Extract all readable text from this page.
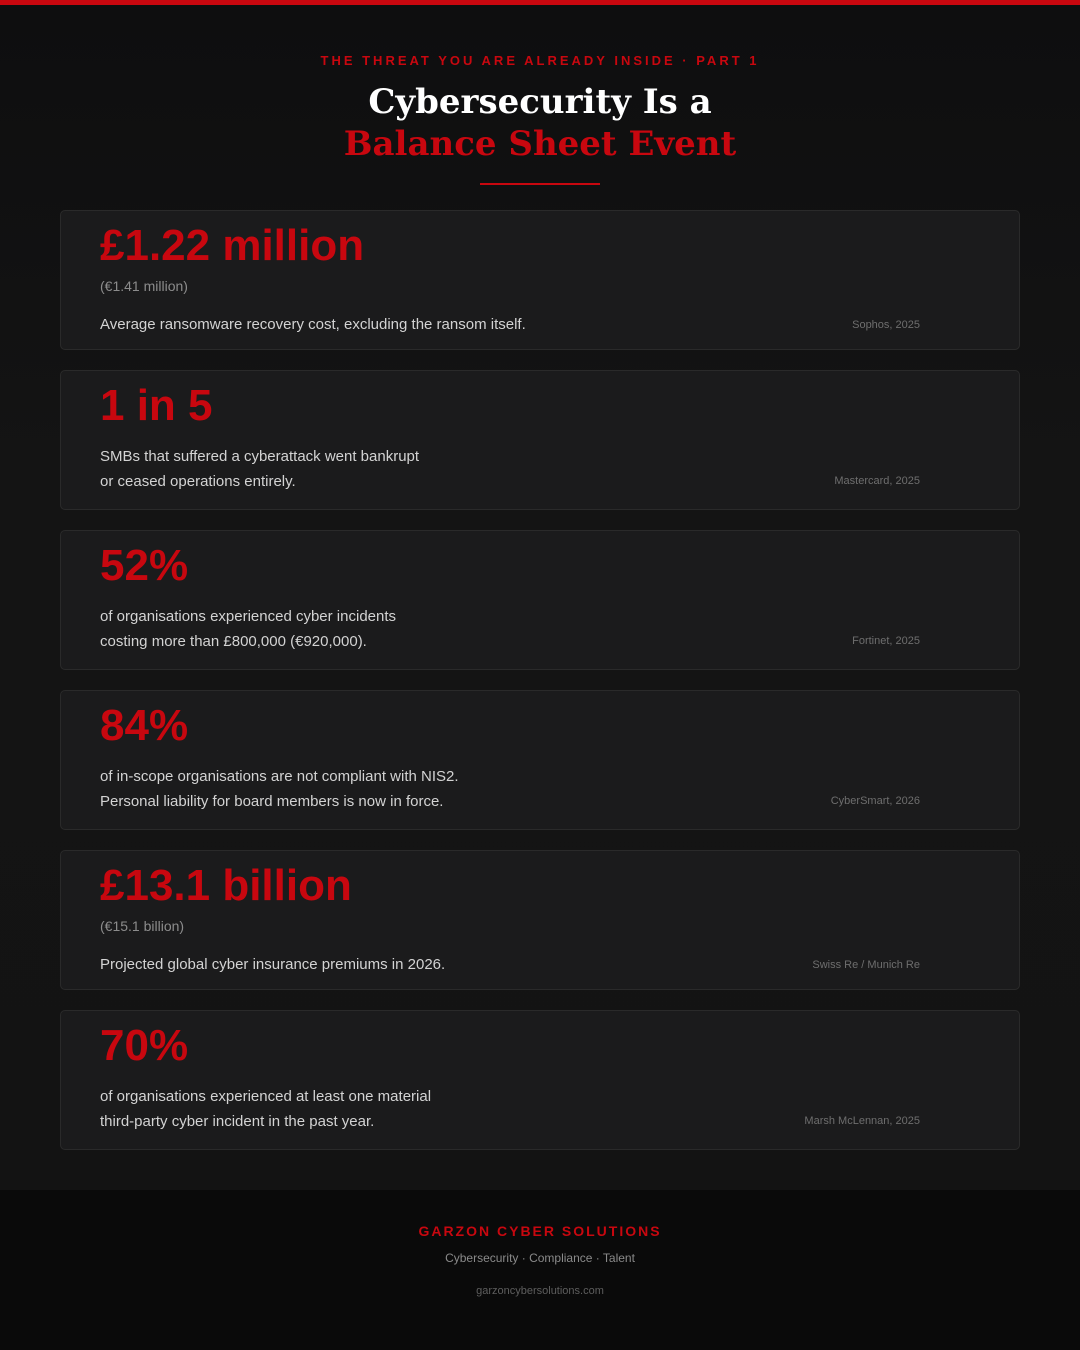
THE THREAT YOU ARE ALREADY INSIDE · PART 1
Cybersecurity Is a
Balance Sheet Event
£1.22 million
(€1.41 million)
Average ransomware recovery cost, excluding the ransom itself.	Sophos, 2025
1 in 5
SMBs that suffered a cyberattack went bankrupt
or ceased operations entirely.	Mastercard, 2025
52%
of organisations experienced cyber incidents
costing more than £800,000 (€920,000).	Fortinet, 2025
84%
of in-scope organisations are not compliant with NIS2.
Personal liability for board members is now in force.	CyberSmart, 2026
£13.1 billion
(€15.1 billion)
Projected global cyber insurance premiums in 2026.	Swiss Re / Munich Re
70%
of organisations experienced at least one material
third-party cyber incident in the past year.	Marsh McLennan, 2025
GARZON CYBER SOLUTIONS
Cybersecurity · Compliance · Talent
garzoncybersolutions.com
